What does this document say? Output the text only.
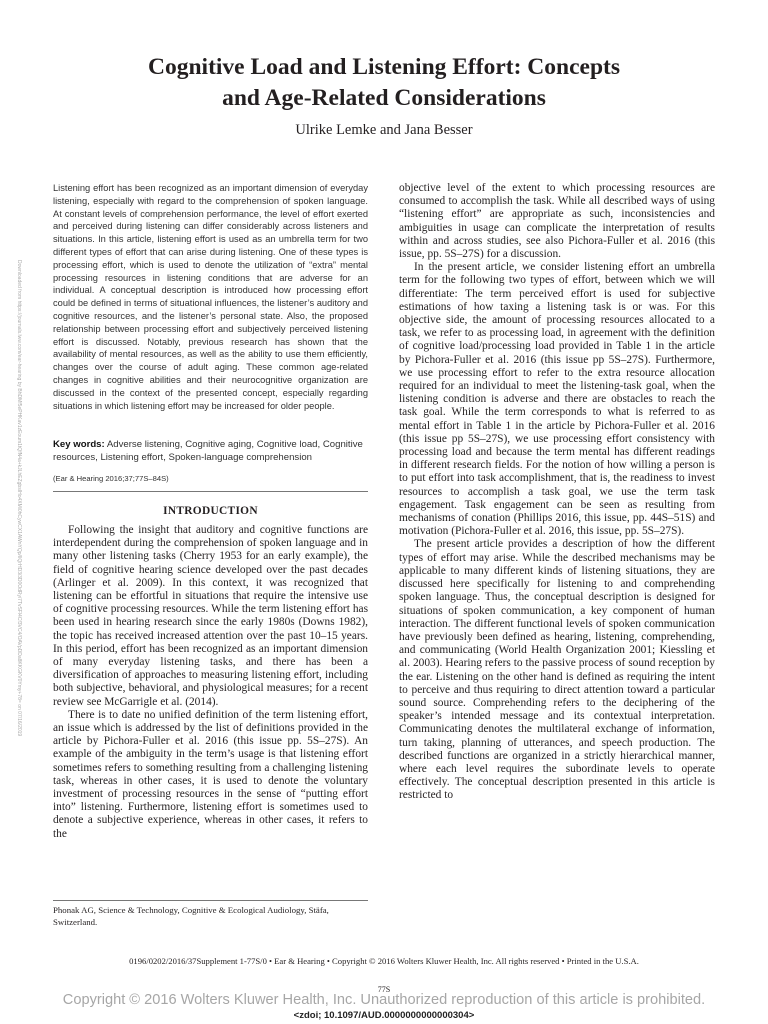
Downloaded from https://journals.lww.com/ear-hearing by BhDMf5ePHKav1zEoum1tQfN4a+kJLhEZgbsIHo4XMi0hCywCX1AWnYQp/IlQrHD3i3D0OdRyi7TvSFl4Cf3VC4/OAVpDDa8KKGKV0Ymy+78= on 07/16/2019
Cognitive Load and Listening Effort: Concepts
and Age-Related Considerations
Ulrike Lemke and Jana Besser
Listening effort has been recognized as an important dimension of everyday listening, especially with regard to the comprehension of spoken language. At constant levels of comprehension performance, the level of effort exerted and perceived during listening can differ considerably across listeners and situations. In this article, listening effort is used as an umbrella term for two different types of effort that can arise during listening. One of these types is processing effort, which is used to denote the utilization of “extra” mental processing resources in listening conditions that are adverse for an individual. A conceptual description is introduced how processing effort could be defined in terms of situational influences, the listener’s auditory and cognitive resources, and the listener’s personal state. Also, the proposed relationship between processing effort and subjectively perceived listening effort is discussed. Notably, previous research has shown that the availability of mental resources, as well as the ability to use them efficiently, changes over the course of adult aging. These common age-related changes in cognitive abilities and their neurocognitive organization are discussed in the context of the presented concept, especially regarding situations in which listening effort may be increased for older people.
Key words: Adverse listening, Cognitive aging, Cognitive load, Cognitive resources, Listening effort, Spoken-language comprehension
(Ear & Hearing 2016;37;77S–84S)
INTRODUCTION

Following the insight that auditory and cognitive functions are interdependent during the comprehension of spoken language and in many other listening tasks (Cherry 1953 for an early example), the field of cognitive hearing science developed over the past decades (Arlinger et al. 2009). In this context, it was recognized that listening can be effortful in situations that require the intensive use of cognitive processing resources. While the term listening effort has been used in hearing research since the early 1980s (Downs 1982), the topic has received increased attention over the past 10–15 years. In this period, effort has been recognized as an important dimension of many everyday listening tasks, and there has been a diversification of approaches to measuring listening effort, including both subjective, behavioral, and physiological measures; for a recent review see McGarrigle et al. (2014).

There is to date no unified definition of the term listening effort, an issue which is addressed by the list of definitions provided in the article by Pichora-Fuller et al. 2016 (this issue pp. 5S–27S). An example of the ambiguity in the term’s usage is that listening effort sometimes refers to something resulting from a challenging listening task, whereas in other cases, it is used to denote the voluntary investment of processing resources in the sense of “putting effort into” listening. Furthermore, listening effort is sometimes used to denote a subjective experience, whereas in other cases, it refers to the

Phonak AG, Science & Technology, Cognitive & Ecological Audiology, Stäfa, Switzerland.

objective level of the extent to which processing resources are consumed to accomplish the task. While all described ways of using “listening effort” are appropriate as such, inconsistencies and ambiguities in usage can complicate the interpretation of results within and across studies, see also Pichora-Fuller et al. 2016 (this issue, pp. 5S–27S) for a discussion.

In the present article, we consider listening effort an umbrella term for the following two types of effort, between which we will differentiate: The term perceived effort is used for subjective estimations of how taxing a listening task is or was. For this objective side, the amount of processing resources allocated to a task, we refer to as processing load, in agreement with the definition of cognitive load/processing load provided in Table 1 in the article by Pichora-Fuller et al. 2016 (this issue pp 5S–27S). Furthermore, we use processing effort to refer to the extra resource allocation required for an individual to meet the listening-task goal, when the listening condition is adverse and there are obstacles to reach the task goal. While the term corresponds to what is referred to as mental effort in Table 1 in the article by Pichora-Fuller et al. 2016 (this issue pp 5S–27S), we use processing effort consistency with processing load and because the term mental has different readings in different research fields. For the notion of how willing a person is to put effort into task accomplishment, that is, the readiness to invest resources to accomplish a task goal, we use the term task engagement. Task engagement can be seen as resulting from mechanisms of conation (Phillips 2016, this issue, pp. 44S–51S) and motivation (Pichora-Fuller et al. 2016, this issue, pp. 5S–27S).

The present article provides a description of how the different types of effort may arise. While the described mechanisms may be applicable to many different kinds of listening situations, they are discussed here specifically for listening to and comprehending spoken language. Thus, the conceptual description is designed for situations of spoken communication, a key component of human interaction. The different functional levels of spoken communication have previously been defined as hearing, listening, comprehending, and communicating (World Health Organization 2001; Kiessling et al. 2003). Hearing refers to the passive process of sound reception by the ear. Listening on the other hand is defined as requiring the intent to perceive and thus requiring to direct attention toward a particular sound source. Comprehending refers to the deciphering of the speaker’s intended message and its contextual interpretation. Communicating denotes the multilateral exchange of information, turn taking, planning of utterances, and speech production. The described functions are organized in a strictly hierarchical manner, where each level requires the subordinate levels to operate effectively. The conceptual description presented in this article is restricted to

0196/0202/2016/37Supplement 1-77S/0 • Ear & Hearing • Copyright © 2016 Wolters Kluwer Health, Inc. All rights reserved • Printed in the U.S.A.
77S
Copyright © 2016 Wolters Kluwer Health, Inc. Unauthorized reproduction of this article is prohibited.
<zdoi; 10.1097/AUD.0000000000000304>
